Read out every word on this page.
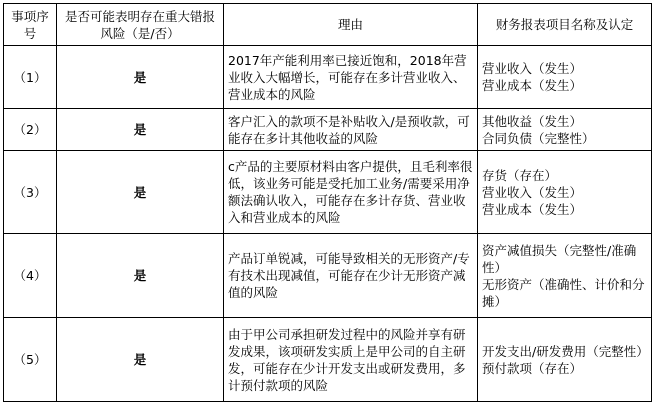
事项序号	是否可能表明存在重大错报风险（是/否）	理由	财务报表项目名称及认定
（1）	是	2017年产能利用率已接近饱和，2018年营业收入大幅增长，可能存在多计营业收入、营业成本的风险	营业收入（发生）
营业成本（发生）

（2）	是	客户汇入的款项不是补贴收入/是预收款，可能存在多计其他收益的风险	其他收益（发生）
合同负债（完整性）

（3）	是	c产品的主要原材料由客户提供，且毛利率很低，该业务可能是受托加工业务/需要采用净额法确认收入，可能存在多计存货、营业收入和营业成本的风险	存货（存在）
营业收入（发生）
营业成本（发生）

（4）	是	产品订单锐减，可能导致相关的无形资产/专有技术出现减值，可能存在少计无形资产减值的风险	资产减值损失（完整性/准确性）
无形资产（准确性、计价和分摊）

（5）	是	由于甲公司承担研发过程中的风险并享有研发成果，该项研发实质上是甲公司的自主研发，可能存在少计开发支出或研发费用，多计预付款项的风险	开发支出/研发费用（完整性）
预付款项（存在）
